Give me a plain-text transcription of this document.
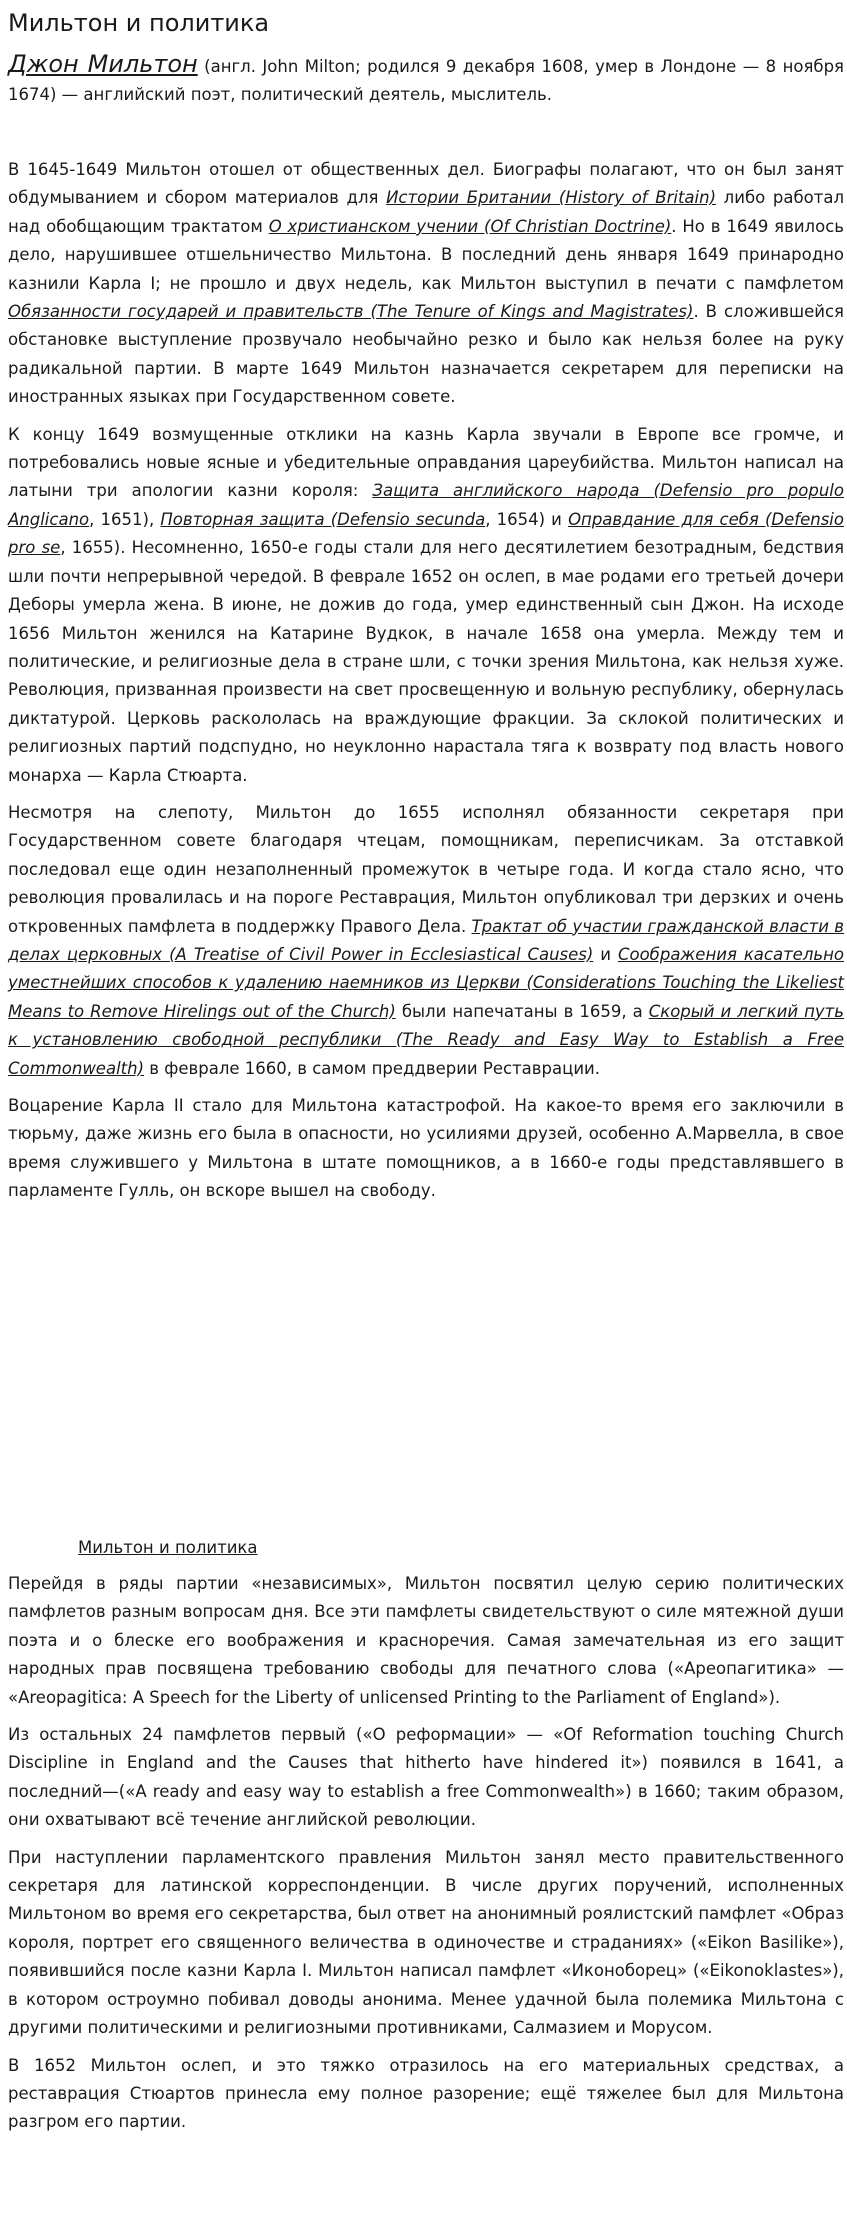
Мильтон и политика

Джон Мильтон (англ. John Milton; родился 9 декабря 1608, умер в Лондоне — 8 ноября 1674) — английский поэт, политический деятель, мыслитель.

В 1645-1649 Мильтон отошел от общественных дел. Биографы полагают, что он был занят обдумыванием и сбором материалов для Истории Британии (History of Britain) либо работал над обобщающим трактатом О христианском учении (Of Christian Doctrine). Но в 1649 явилось дело, нарушившее отшельничество Мильтона. В последний день января 1649 принародно казнили Карла I; не прошло и двух недель, как Мильтон выступил в печати с памфлетом Обязанности государей и правительств (The Tenure of Kings and Magistrates). В сложившейся обстановке выступление прозвучало необычайно резко и было как нельзя более на руку радикальной партии. В марте 1649 Мильтон назначается секретарем для переписки на иностранных языках при Государственном совете.

К концу 1649 возмущенные отклики на казнь Карла звучали в Европе все громче, и потребовались новые ясные и убедительные оправдания цареубийства. Мильтон написал на латыни три апологии казни короля: Защита английского народа (Defensio pro populo Anglicano, 1651), Повторная защита (Defensio secunda, 1654) и Оправдание для себя (Defensio pro se, 1655). Несомненно, 1650-е годы стали для него десятилетием безотрадным, бедствия шли почти непрерывной чередой. В феврале 1652 он ослеп, в мае родами его третьей дочери Деборы умерла жена. В июне, не дожив до года, умер единственный сын Джон. На исходе 1656 Мильтон женился на Катарине Вудкок, в начале 1658 она умерла. Между тем и политические, и религиозные дела в стране шли, с точки зрения Мильтона, как нельзя хуже. Революция, призванная произвести на свет просвещенную и вольную республику, обернулась диктатурой. Церковь раскололась на враждующие фракции. За склокой политических и религиозных партий подспудно, но неуклонно нарастала тяга к возврату под власть нового монарха — Карла Стюарта.

Несмотря на слепоту, Мильтон до 1655 исполнял обязанности секретаря при Государственном совете благодаря чтецам, помощникам, переписчикам. За отставкой последовал еще один незаполненный промежуток в четыре года. И когда стало ясно, что революция провалилась и на пороге Реставрация, Мильтон опубликовал три дерзких и очень откровенных памфлета в поддержку Правого Дела. Трактат об участии гражданской власти в делах церковных (A Treatise of Civil Power in Ecclesiastical Causes) и Соображения касательно уместнейших способов к удалению наемников из Церкви (Considerations Touching the Likeliest Means to Remove Hirelings out of the Church) были напечатаны в 1659, а Скорый и легкий путь к установлению свободной республики (The Ready and Easy Way to Establish a Free Commonwealth) в феврале 1660, в самом преддверии Реставрации.

Воцарение Карла II стало для Мильтона катастрофой. На какое-то время его заключили в тюрьму, даже жизнь его была в опасности, но усилиями друзей, особенно А.Марвелла, в свое время служившего у Мильтона в штате помощников, а в 1660-е годы представлявшего в парламенте Гулль, он вскоре вышел на свободу.

Мильтон и политика

Перейдя в ряды партии «независимых», Мильтон посвятил целую серию политических памфлетов разным вопросам дня. Все эти памфлеты свидетельствуют о силе мятежной души поэта и о блеске его воображения и красноречия. Самая замечательная из его защит народных прав посвящена требованию свободы для печатного слова («Ареопагитика» — «Areopagitica: A Speech for the Liberty of unlicensed Printing to the Parliament of England»).

Из остальных 24 памфлетов первый («О реформации» — «Of Reformation touching Church Discipline in England and the Causes that hitherto have hindered it») появился в 1641, а последний—(«A ready and easy way to establish a free Commonwealth») в 1660; таким образом, они охватывают всё течение английской революции.

При наступлении парламентского правления Мильтон занял место правительственного секретаря для латинской корреспонденции. В числе других поручений, исполненных Мильтоном во время его секретарства, был ответ на анонимный роялистский памфлет «Образ короля, портрет его священного величества в одиночестве и страданиях» («Eikon Basilike»), появившийся после казни Карла I. Мильтон написал памфлет «Иконоборец» («Eikonoklastes»), в котором остроумно побивал доводы анонима. Менее удачной была полемика Мильтона с другими политическими и религиозными противниками, Салмазием и Морусом.

В 1652 Мильтон ослеп, и это тяжко отразилось на его материальных средствах, а реставрация Стюартов принесла ему полное разорение; ещё тяжелее был для Мильтона разгром его партии.
